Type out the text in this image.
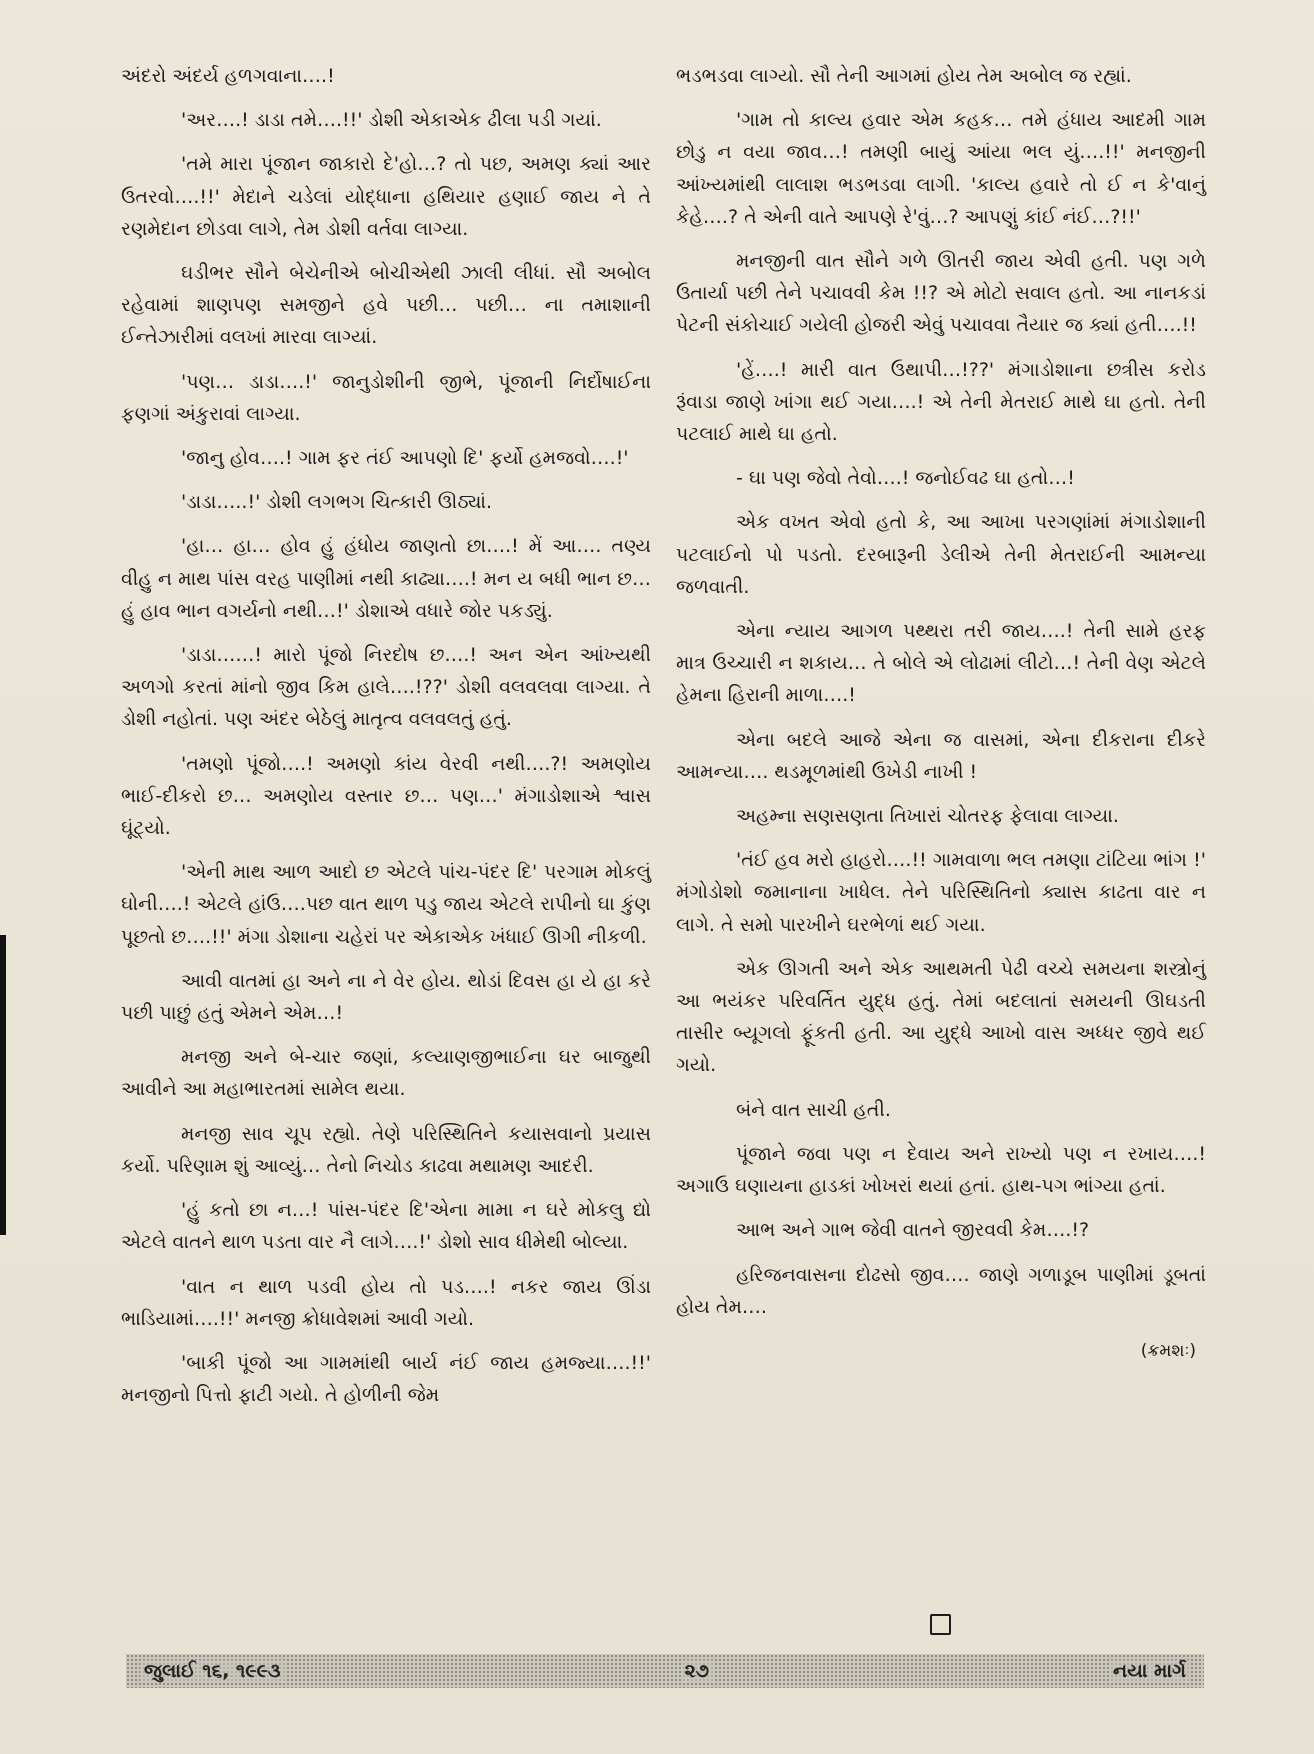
અંદરો અંદર્ય હળગવાના….!

'અર….! ડાડા તમે….!!' ડોશી એકાએક ઢીલા પડી ગયાં.

'તમે મારા પૂંજાન જાકારો દે'હો…? તો પછ, અમણ ક્યાં આર ઉતરવો….!!' મેદાને ચડેલાં યોદ્ધાના હથિયાર હણાઈ જાય ને તે રણમેદાન છોડવા લાગે, તેમ ડોશી વર્તવા લાગ્યા.

ઘડીભર સૌને બેચેનીએ બોચીએથી ઝાલી લીધાં. સૌ અબોલ રહેવામાં શાણપણ સમજીને હવે પછી… પછી… ના તમાશાની ઈન્તેઝારીમાં વલખાં મારવા લાગ્યાં.

'પણ… ડાડા….!' જાનુડોશીની જીભે, પૂંજાની નિર્દોષાઈના ફણગાં અંકુરાવાં લાગ્યા.

'જાનુ હોવ….! ગામ ફર તંઈ આપણો દિ' ફર્યો હમજવો….!'

'ડાડા…..!' ડોશી લગભગ ચિત્કારી ઊઠ્યાં.

'હા… હા… હોવ હું હંધોય જાણતો છા….! મેં આ…. તણ્ય વીહુ ન માથ પાંસ વરહ પાણીમાં નથી કાઢ્યા….! મન ય બધી ભાન છ… હું હાવ ભાન વગર્યનો નથી…!' ડોશાએ વધારે જોર પકડ્યું.

'ડાડા……! મારો પૂંજો નિરદોષ છ….! અન એન આંખ્યથી અળગો કરતાં માંનો જીવ કિમ હાલે….!??' ડોશી વલવલવા લાગ્યા. તે ડોશી નહોતાં. પણ અંદર બેઠેલું માતૃત્વ વલવલતું હતું.

'તમણો પૂંજો….! અમણો કાંય વેરવી નથી….?! અમણોય ભાઈ-દીકરો છ… અમણોય વસ્તાર છ… પણ…' મંગાડોશાએ શ્વાસ ઘૂંટ્યો.

'એની માથ આળ આદો છ એટલે પાંચ-પંદર દિ' પરગામ મોકલું ઘોની….! એટલે હાંઉ….પછ વાત થાળ પડુ જાય એટલે રાપીનો ઘા કુંણ પૂછતો છ….!!' મંગા ડોશાના ચહેરાં પર એકાએક ખંધાઈ ઊગી નીકળી.

આવી વાતમાં હા અને ના ને વેર હોય. થોડાં દિવસ હા યે હા કરે પછી પાછું હતું એમને એમ…!

મનજી અને બે-ચાર જણાં, કલ્યાણજીભાઈના ઘર બાજુથી આવીને આ મહાભારતમાં સામેલ થયા.

મનજી સાવ ચૂપ રહ્યો. તેણે પરિસ્થિતિને કયાસવાનો પ્રયાસ કર્યો. પરિણામ શું આવ્યું… તેનો નિચોડ કાઢવા મથામણ આદરી.

'હું કતો છા ન…! પાંસ-પંદર દિ'એના મામા ન ઘરે મોકલુ દ્યો એટલે વાતને થાળ પડતા વાર નૈ લાગે….!' ડોશો સાવ ધીમેથી બોલ્યા.

'વાત ન થાળ પડવી હોય તો પડ….! નકર જાય ઊંડા ભાડિયામાં….!!' મનજી ક્રોધાવેશમાં આવી ગયો.

'બાકી પૂંજો આ ગામમાંથી બાર્ય નંઈ જાય હમજ્યા….!!' મનજીનો પિત્તો ફાટી ગયો. તે હોળીની જેમ

ભડભડવા લાગ્યો. સૌ તેની આગમાં હોય તેમ અબોલ જ રહ્યાં.

'ગામ તો કાલ્ય હવાર એમ કહક… તમે હંધાય આદમી ગામ છોડુ ન વયા જાવ…! તમણી બાયું આંયા ભલ યું….!!' મનજીની આંખ્યમાંથી લાલાશ ભડભડવા લાગી. 'કાલ્ય હવારે તો ઈ ન કે'વાનું કેહે….? તે એની વાતે આપણે રે'વું…? આપણું કાંઈ નંઈ…?!!'

મનજીની વાત સૌને ગળે ઊતરી જાય એવી હતી. પણ ગળે ઉતાર્યા પછી તેને પચાવવી કેમ !!? એ મોટો સવાલ હતો. આ નાનકડાં પેટની સંકોચાઈ ગયેલી હોજરી એવું પચાવવા તૈયાર જ ક્યાં હતી….!!

'હેં….! મારી વાત ઉથાપી…!??' મંગાડોશાના છત્રીસ કરોડ રૂંવાડા જાણે ખાંગા થઈ ગયા….! એ તેની મેતરાઈ માથે ઘા હતો. તેની પટલાઈ માથે ઘા હતો.

- ઘા પણ જેવો તેવો….! જનોઈવઢ ઘા હતો…!

એક વખત એવો હતો કે, આ આખા પરગણાંમાં મંગાડોશાની પટલાઈનો પો પડતો. દરબારૂની ડેલીએ તેની મેતરાઈની આમન્યા જળવાતી.

એના ન્યાય આગળ પથ્થરા તરી જાય….! તેની સામે હરફ માત્ર ઉચ્ચારી ન શકાય… તે બોલે એ લોઢામાં લીટો…! તેની વેણ એટલે હેમના હિરાની માળા….!

એના બદલે આજે એના જ વાસમાં, એના દીકરાના દીકરે આમન્યા…. થડમૂળમાંથી ઉખેડી નાખી !

અહમ્ના સણસણતા તિખારાં ચોતરફ ફેલાવા લાગ્યા.

'તંઈ હવ મરો હાહરો….!! ગામવાળા ભલ તમણા ટાંટિયા ભાંગ !' મંગોડોશો જમાનાના ખાધેલ. તેને પરિસ્થિતિનો ક્યાસ કાઢતા વાર ન લાગે. તે સમો પારખીને ઘરભેળાં થઈ ગયા.

એક ઊગતી અને એક આથમતી પેઢી વચ્ચે સમયના શસ્ત્રોનું આ ભયંકર પરિવર્તિત યુદ્ધ હતું. તેમાં બદલાતાં સમયની ઊઘડતી તાસીર બ્યૂગલો ફૂંકતી હતી. આ યુદ્ધે આખો વાસ અધ્ધર જીવે થઈ ગયો.

બંને વાત સાચી હતી.

પૂંજાને જવા પણ ન દેવાય અને રાખ્યો પણ ન રખાય….! અગાઉ ઘણાયના હાડકાં ખોખરાં થયાં હતાં. હાથ-પગ ભાંગ્યા હતાં.

આભ અને ગાભ જેવી વાતને જીરવવી કેમ….!?

હરિજનવાસના દોઢસો જીવ…. જાણે ગળાડૂબ પાણીમાં ડૂબતાં હોય તેમ….

(ક્રમશઃ)
જુલાઈ ૧૬, ૧૯૯૩	૨૭	નયા માર્ગ
